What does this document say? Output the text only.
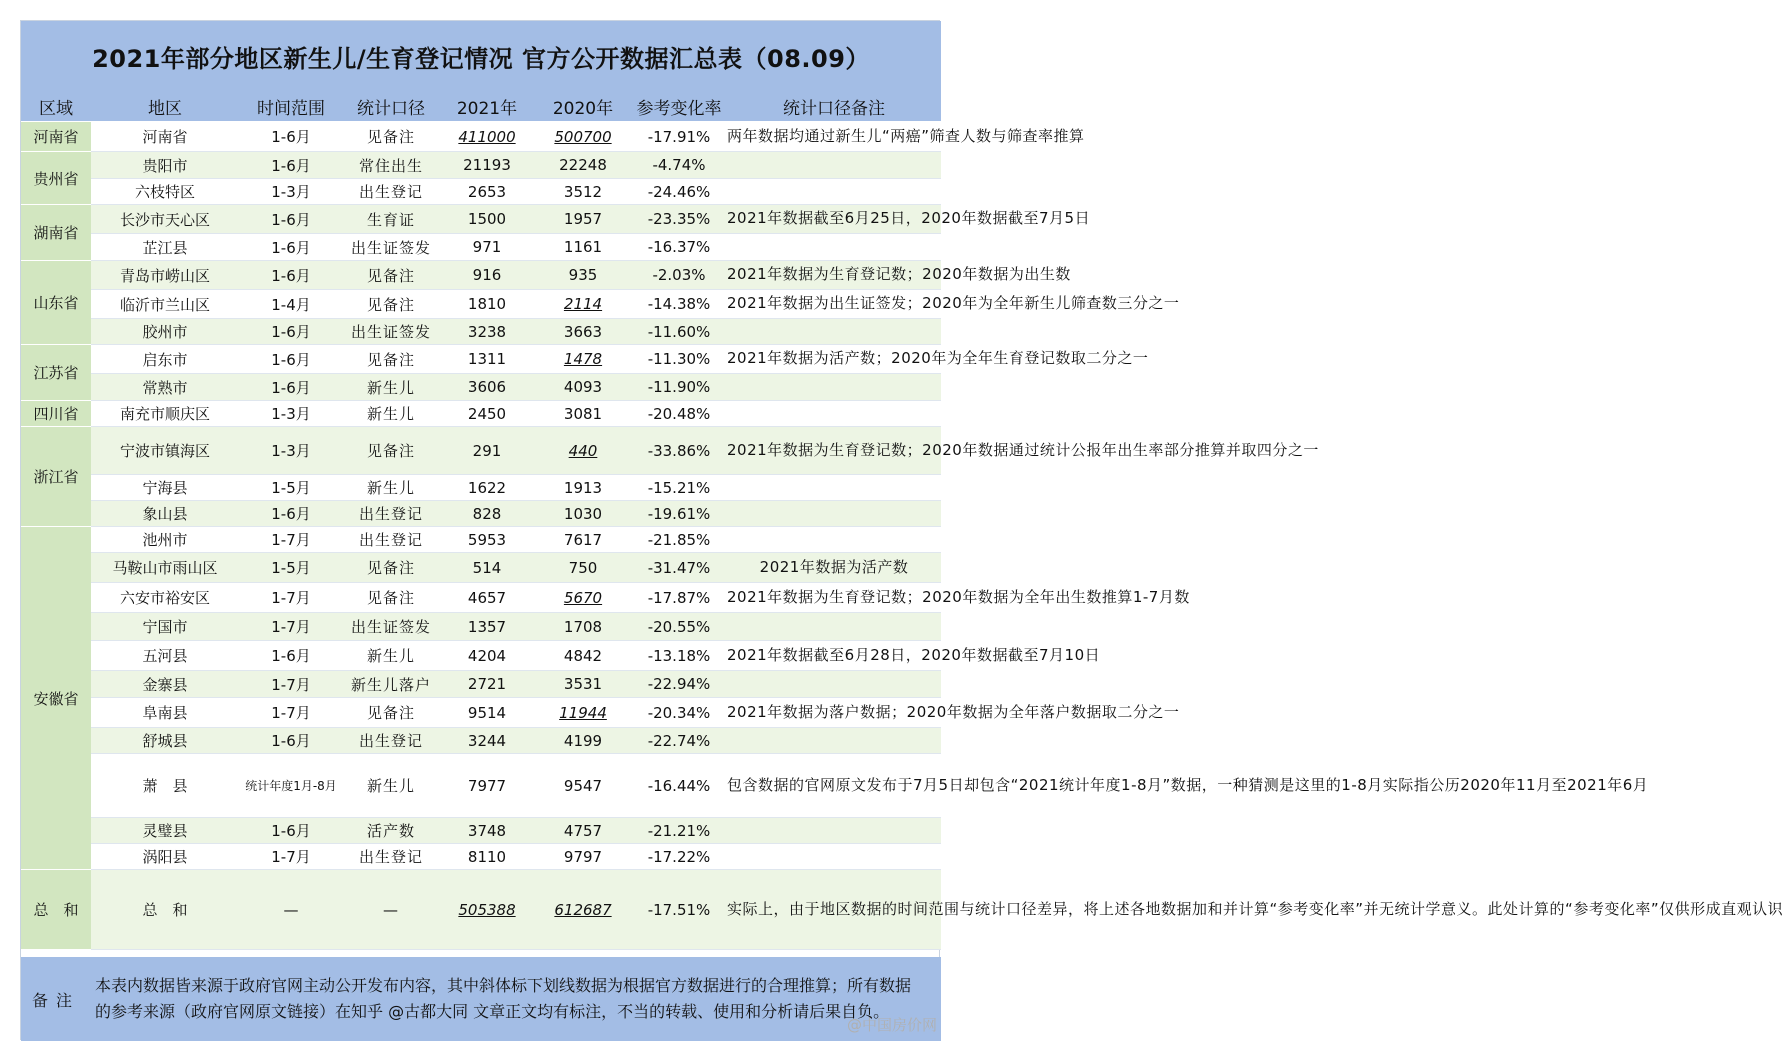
2021年部分地区新生儿/生育登记情况 官方公开数据汇总表（08.09）
区域	地区	时间范围	统计口径	2021年	2020年	参考变化率	统计口径备注
河南省	河南省	1-6月	见备注	411000	500700	-17.91%	两年数据均通过新生儿“两癌”筛查人数与筛查率推算
贵州省	贵阳市	1-6月	常住出生	21193	22248	-4.74%	
	六枝特区	1-3月	出生登记	2653	3512	-24.46%	
湖南省	长沙市天心区	1-6月	生育证	1500	1957	-23.35%	2021年数据截至6月25日，2020年数据截至7月5日
	芷江县	1-6月	出生证签发	971	1161	-16.37%	
山东省	青岛市崂山区	1-6月	见备注	916	935	-2.03%	2021年数据为生育登记数；2020年数据为出生数
	临沂市兰山区	1-4月	见备注	1810	2114	-14.38%	2021年数据为出生证签发；2020年为全年新生儿筛查数三分之一
	胶州市	1-6月	出生证签发	3238	3663	-11.60%	
江苏省	启东市	1-6月	见备注	1311	1478	-11.30%	2021年数据为活产数；2020年为全年生育登记数取二分之一
	常熟市	1-6月	新生儿	3606	4093	-11.90%	
四川省	南充市顺庆区	1-3月	新生儿	2450	3081	-20.48%	
浙江省	宁波市镇海区	1-3月	见备注	291	440	-33.86%	2021年数据为生育登记数；2020年数据通过统计公报年出生率部分推算并取四分之一
	宁海县	1-5月	新生儿	1622	1913	-15.21%	
	象山县	1-6月	出生登记	828	1030	-19.61%	
安徽省	池州市	1-7月	出生登记	5953	7617	-21.85%	
	马鞍山市雨山区	1-5月	见备注	514	750	-31.47%	2021年数据为活产数
	六安市裕安区	1-7月	见备注	4657	5670	-17.87%	2021年数据为生育登记数；2020年数据为全年出生数推算1-7月数
	宁国市	1-7月	出生证签发	1357	1708	-20.55%	
	五河县	1-6月	新生儿	4204	4842	-13.18%	2021年数据截至6月28日，2020年数据截至7月10日
	金寨县	1-7月	新生儿落户	2721	3531	-22.94%	
	阜南县	1-7月	见备注	9514	11944	-20.34%	2021年数据为落户数据；2020年数据为全年落户数据取二分之一
	舒城县	1-6月	出生登记	3244	4199	-22.74%	
	萧　县	统计年度1月-8月	新生儿	7977	9547	-16.44%	包含数据的官网原文发布于7月5日却包含“2021统计年度1-8月”数据，一种猜测是这里的1-8月实际指公历2020年11月至2021年6月
	灵璧县	1-6月	活产数	3748	4757	-21.21%	
	涡阳县	1-7月	出生登记	8110	9797	-17.22%	
总　和	总　和	—	—	505388	612687	-17.51%	实际上，由于地区数据的时间范围与统计口径差异，将上述各地数据加和并计算“参考变化率”并无统计学意义。此处计算的“参考变化率”仅供形成直观认识
备注
本表内数据皆来源于政府官网主动公开发布内容，其中斜体标下划线数据为根据官方数据进行的合理推算；所有数据的参考来源（政府官网原文链接）在知乎 @古都大同 文章正文均有标注，不当的转载、使用和分析请后果自负。
@中国房价网
